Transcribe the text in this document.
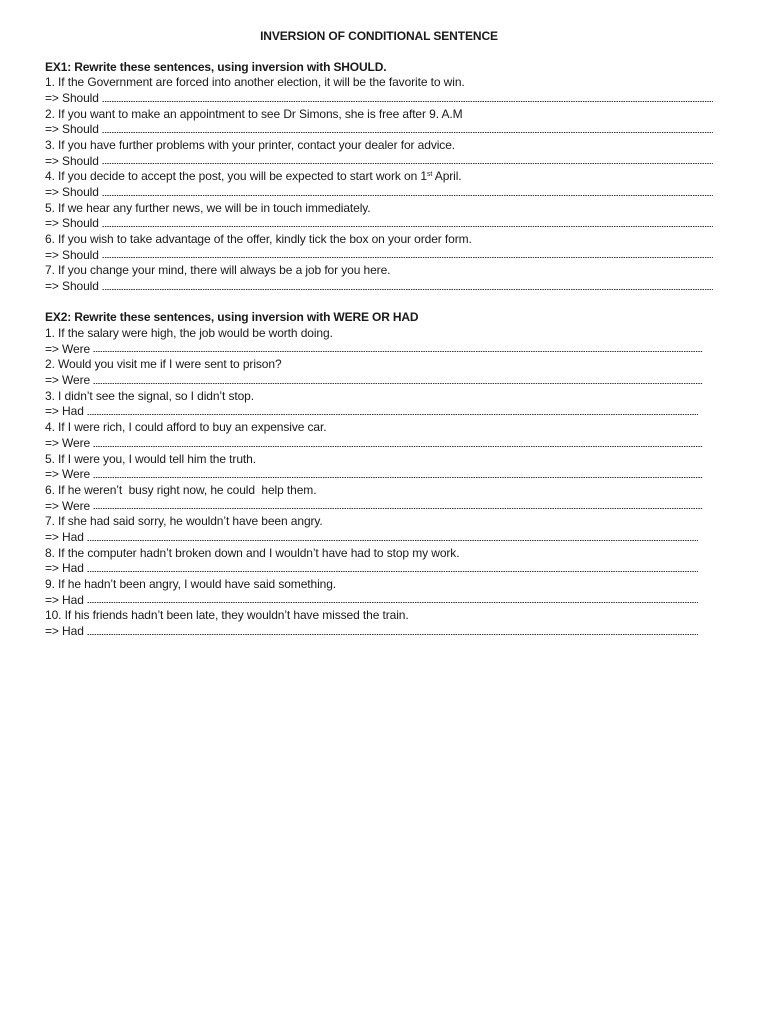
INVERSION OF CONDITIONAL SENTENCE
EX1: Rewrite these sentences, using inversion with SHOULD.
1. If the Government are forced into another election, it will be the favorite to win.
=> Should
2. If you want to make an appointment to see Dr Simons, she is free after 9. A.M
=> Should
3. If you have further problems with your printer, contact your dealer for advice.
=> Should
4. If you decide to accept the post, you will be expected to start work on 1st April.
=> Should
5. If we hear any further news, we will be in touch immediately.
=> Should
6. If you wish to take advantage of the offer, kindly tick the box on your order form.
=> Should
7. If you change your mind, there will always be a job for you here.
=> Should
EX2: Rewrite these sentences, using inversion with WERE OR HAD
1. If the salary were high, the job would be worth doing.
=> Were
2. Would you visit me if I were sent to prison?
=> Were
3. I didn’t see the signal, so I didn’t stop.
=> Had
4. If I were rich, I could afford to buy an expensive car.
=> Were
5. If I were you, I would tell him the truth.
=> Were
6. If he weren’t  busy right now, he could  help them.
=> Were
7. If she had said sorry, he wouldn’t have been angry.
=> Had
8. If the computer hadn’t broken down and I wouldn’t have had to stop my work.
=> Had
9. If he hadn’t been angry, I would have said something.
=> Had
10. If his friends hadn’t been late, they wouldn’t have missed the train.
=> Had
